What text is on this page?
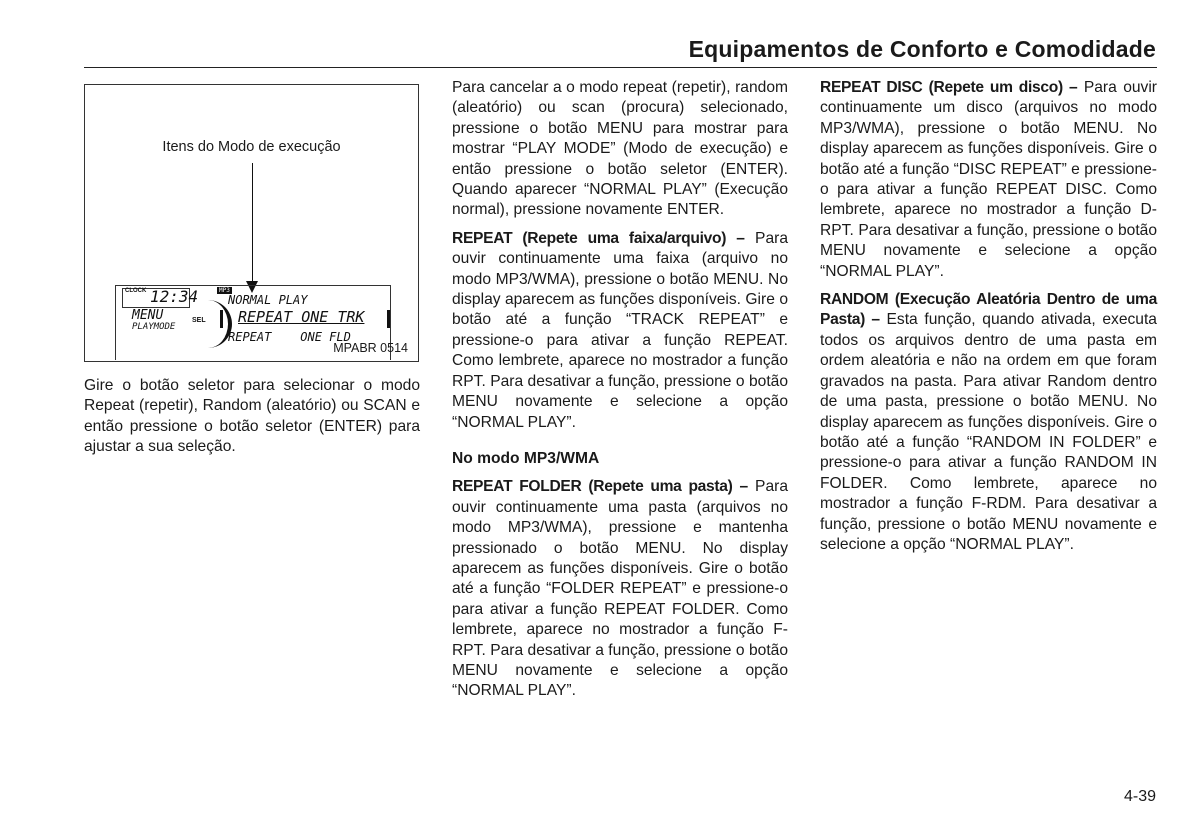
Equipamentos de Conforto e Comodidade
Itens do Modo de execução
CLOCK 12:34	MP3
MENU
PLAYMODE
SEL
NORMAL PLAY
REPEAT ONE TRK
REPEAT    ONE FLD
MPABR 0514

Gire o botão seletor para selecionar o modo Repeat (repetir), Random (aleatório) ou SCAN e então pressione o botão seletor (ENTER) para ajustar a sua seleção.

Para cancelar a o modo repeat (repetir), random (aleatório) ou scan (procura) selecionado, pressione o botão MENU para mostrar para mostrar “PLAY MODE” (Modo de execução) e então pressione o botão seletor (ENTER). Quando aparecer “NORMAL PLAY” (Execução normal), pressione novamente ENTER.

REPEAT (Repete uma faixa/arquivo) – Para ouvir continuamente uma faixa (arquivo no modo MP3/WMA), pressione o botão MENU. No display aparecem as funções disponíveis. Gire o botão até a função “TRACK REPEAT” e pressione-o para ativar a função REPEAT. Como lembrete, aparece no mostrador a função RPT. Para desativar a função, pressione o botão MENU novamente e selecione a opção “NORMAL PLAY”.

No modo MP3/WMA

REPEAT FOLDER (Repete uma pasta) – Para ouvir continuamente uma pasta (arquivos no modo MP3/WMA), pressione e mantenha pressionado o botão MENU. No display aparecem as funções disponíveis. Gire o botão até a função “FOLDER REPEAT” e pressione-o para ativar a função REPEAT FOLDER. Como lembrete, aparece no mostrador a função F-RPT. Para desativar a função, pressione o botão MENU novamente e selecione a opção “NORMAL PLAY”.

REPEAT DISC (Repete um disco) – Para ouvir continuamente um disco (arquivos no modo MP3/WMA), pressione o botão MENU. No display aparecem as funções disponíveis. Gire o botão até a função “DISC REPEAT” e pressione-o para ativar a função REPEAT DISC. Como lembrete, aparece no mostrador a função D-RPT. Para desativar a função, pressione o botão MENU novamente e selecione a opção “NORMAL PLAY”.

RANDOM (Execução Aleatória Dentro de uma Pasta) – Esta função, quando ativada, executa todos os arquivos dentro de uma pasta em ordem aleatória e não na ordem em que foram gravados na pasta. Para ativar Random dentro de uma pasta, pressione o botão MENU. No display aparecem as funções disponíveis. Gire o botão até a função “RANDOM IN FOLDER” e pressione-o para ativar a função RANDOM IN FOLDER. Como lembrete, aparece no mostrador a função F-RDM. Para desativar a função, pressione o botão MENU novamente e selecione a opção “NORMAL PLAY”.

4-39
